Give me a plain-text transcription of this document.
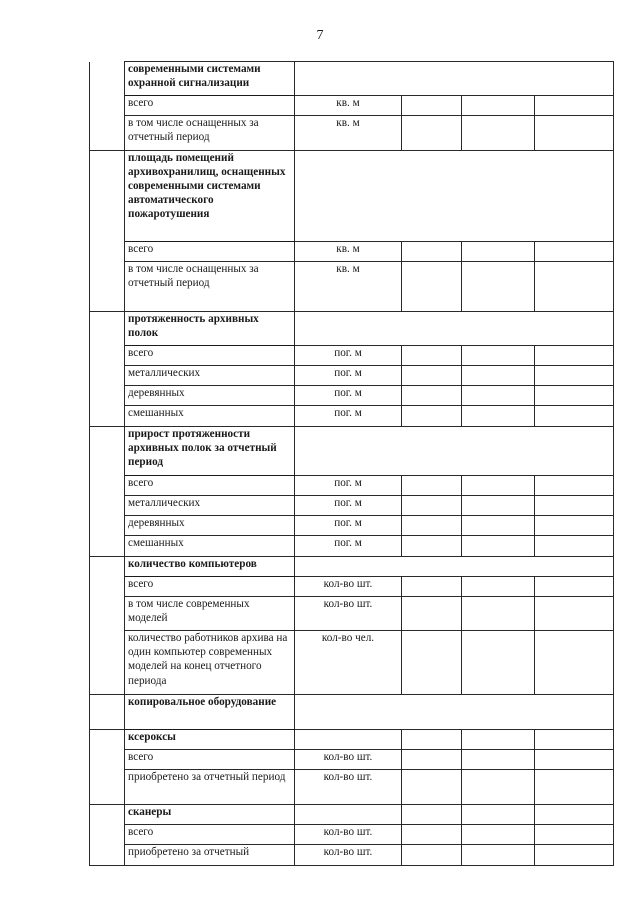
7
	современными системами охранной сигнализации				
	всего	кв. м			
	в том числе оснащенных за отчетный период	кв. м			
	площадь помещений архивохранилищ, оснащенных современными системами автоматического пожаротушения				
	всего	кв. м			
	в том числе оснащенных за отчетный период	кв. м			
	протяженность архивных полок				
	всего	пог. м			
	металлических	пог. м			
	деревянных	пог. м			
	смешанных	пог. м			
	прирост протяженности архивных полок за отчетный период				
	всего	пог. м			
	металлических	пог. м			
	деревянных	пог. м			
	смешанных	пог. м			
	количество компьютеров				
	всего	кол-во шт.			
	в том числе современных моделей	кол-во шт.			
	количество работников архива на один компьютер современных моделей на конец отчетного периода	кол-во чел.			
	копировальное оборудование				
	ксероксы				
	всего	кол-во шт.			
	приобретено за отчетный период	кол-во шт.			
	сканеры				
	всего	кол-во шт.			
	приобретено за отчетный	кол-во шт.			
